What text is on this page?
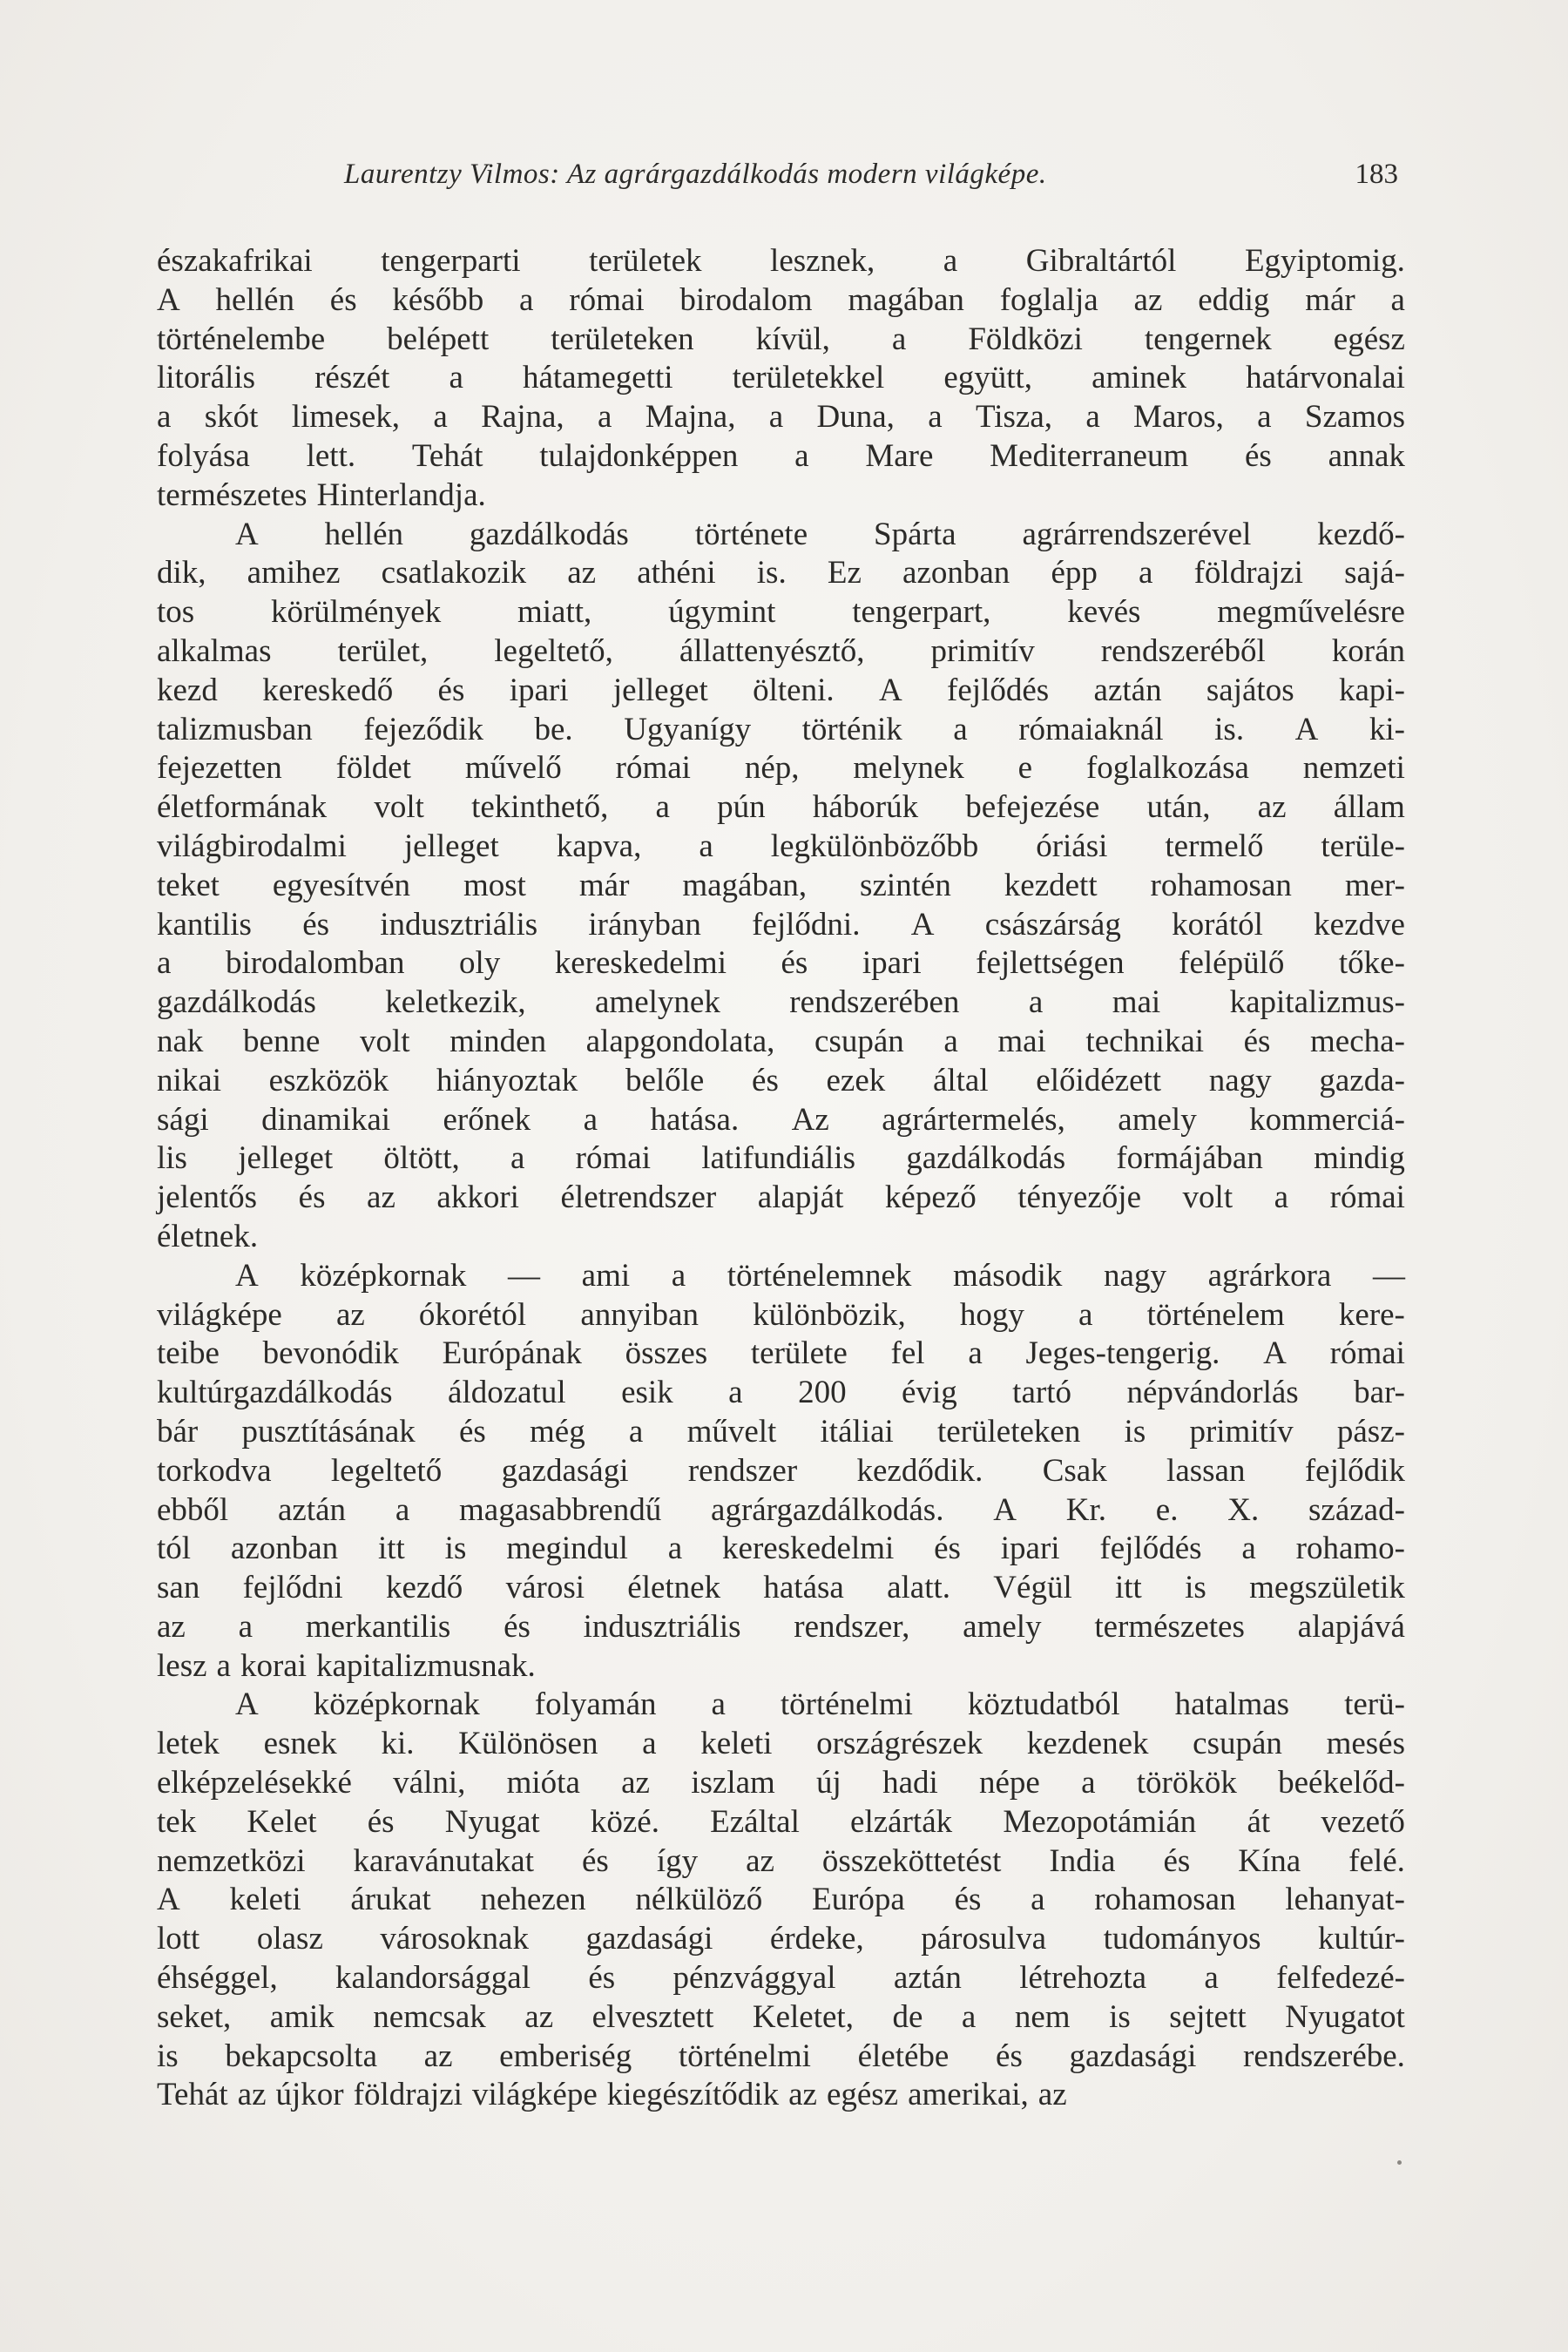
Laurentzy Vilmos: Az agrárgazdálkodás modern világképe.	183
északafrikai tengerparti területek lesznek, a Gibraltártól Egyiptomig.
A hellén és később a római birodalom magában foglalja az eddig már a
történelembe belépett területeken kívül, a Földközi tengernek egész
litorális részét a hátamegetti területekkel együtt, aminek határvonalai
a skót limesek, a Rajna, a Majna, a Duna, a Tisza, a Maros, a Szamos
folyása lett. Tehát tulajdonképpen a Mare Mediterraneum és annak
természetes Hinterlandja.
A hellén gazdálkodás története Spárta agrárrendszerével kezdő-
dik, amihez csatlakozik az athéni is. Ez azonban épp a földrajzi sajá-
tos körülmények miatt, úgymint tengerpart, kevés megművelésre
alkalmas terület, legeltető, állattenyésztő, primitív rendszeréből korán
kezd kereskedő és ipari jelleget ölteni. A fejlődés aztán sajátos kapi-
talizmusban fejeződik be. Ugyanígy történik a rómaiaknál is. A ki-
fejezetten földet művelő római nép, melynek e foglalkozása nemzeti
életformának volt tekinthető, a pún háborúk befejezése után, az állam
világbirodalmi jelleget kapva, a legkülönbözőbb óriási termelő terüle-
teket egyesítvén most már magában, szintén kezdett rohamosan mer-
kantilis és indusztriális irányban fejlődni. A császárság korától kezdve
a birodalomban oly kereskedelmi és ipari fejlettségen felépülő tőke-
gazdálkodás keletkezik, amelynek rendszerében a mai kapitalizmus-
nak benne volt minden alapgondolata, csupán a mai technikai és mecha-
nikai eszközök hiányoztak belőle és ezek által előidézett nagy gazda-
sági dinamikai erőnek a hatása. Az agrártermelés, amely kommerciá-
lis jelleget öltött, a római latifundiális gazdálkodás formájában mindig
jelentős és az akkori életrendszer alapját képező tényezője volt a római
életnek.
A középkornak — ami a történelemnek második nagy agrárkora —
világképe az ókorétól annyiban különbözik, hogy a történelem kere-
teibe bevonódik Európának összes területe fel a Jeges-tengerig. A római
kultúrgazdálkodás áldozatul esik a 200 évig tartó népvándorlás bar-
bár pusztításának és még a művelt itáliai területeken is primitív pász-
torkodva legeltető gazdasági rendszer kezdődik. Csak lassan fejlődik
ebből aztán a magasabbrendű agrárgazdálkodás. A Kr. e. X. század-
tól azonban itt is megindul a kereskedelmi és ipari fejlődés a rohamo-
san fejlődni kezdő városi életnek hatása alatt. Végül itt is megszületik
az a merkantilis és indusztriális rendszer, amely természetes alapjává
lesz a korai kapitalizmusnak.
A középkornak folyamán a történelmi köztudatból hatalmas terü-
letek esnek ki. Különösen a keleti országrészek kezdenek csupán mesés
elképzelésekké válni, mióta az iszlam új hadi népe a törökök beékelőd-
tek Kelet és Nyugat közé. Ezáltal elzárták Mezopotámián át vezető
nemzetközi karavánutakat és így az összeköttetést India és Kína felé.
A keleti árukat nehezen nélkülöző Európa és a rohamosan lehanyat-
lott olasz városoknak gazdasági érdeke, párosulva tudományos kultúr-
éhséggel, kalandorsággal és pénzvággyal aztán létrehozta a felfedezé-
seket, amik nemcsak az elvesztett Keletet, de a nem is sejtett Nyugatot
is bekapcsolta az emberiség történelmi életébe és gazdasági rendszerébe.
Tehát az újkor földrajzi világképe kiegészítődik az egész amerikai, az
